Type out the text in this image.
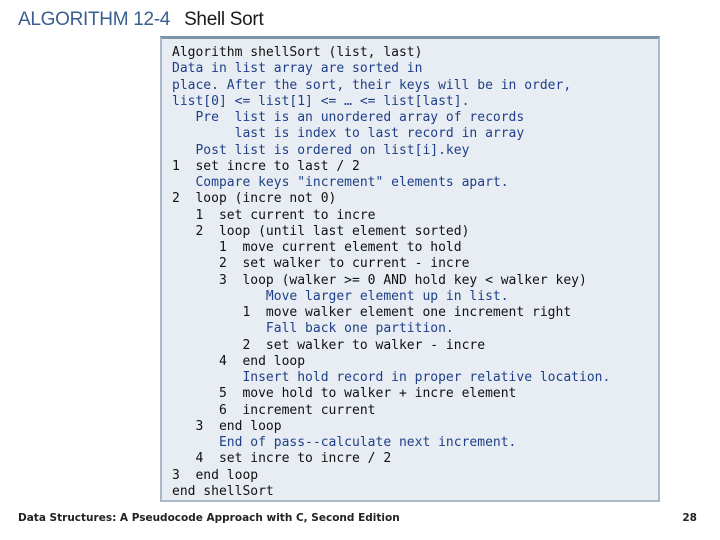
ALGORITHM 12-4 Shell Sort
Algorithm shellSort (list, last)
Data in list array are sorted in
place. After the sort, their keys will be in order,
list[0] <= list[1] <= … <= list[last].
Pre  list is an unordered array of records
last is index to last record in array
Post list is ordered on list[i].key
1  set incre to last / 2
Compare keys "increment" elements apart.
2  loop (incre not 0)
1  set current to incre
2  loop (until last element sorted)
1  move current element to hold
2  set walker to current - incre
3  loop (walker >= 0 AND hold key < walker key)
Move larger element up in list.
1  move walker element one increment right
Fall back one partition.
2  set walker to walker - incre
4  end loop
Insert hold record in proper relative location.
5  move hold to walker + incre element
6  increment current
3  end loop
End of pass--calculate next increment.
4  set incre to incre / 2
3  end loop
end shellSort
Data Structures: A Pseudocode Approach with C, Second Edition	28
